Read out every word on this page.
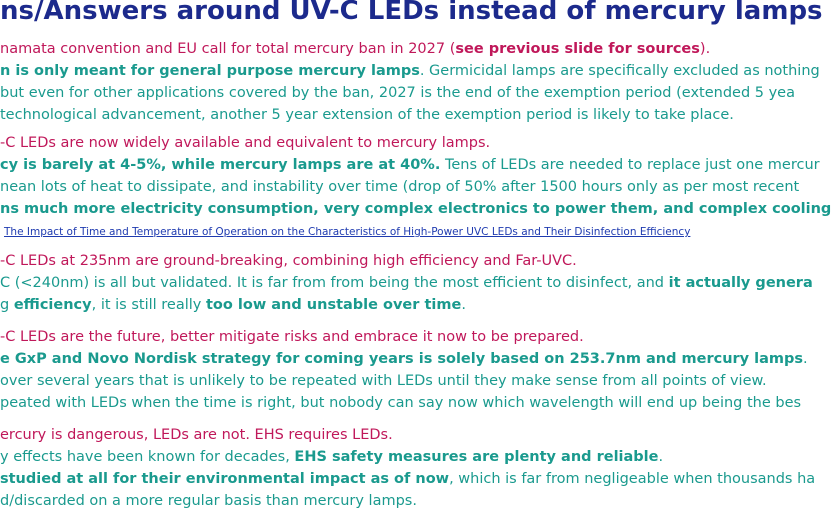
ns/Answers around UV-C LEDs instead of mercury lamps
namata convention and EU call for total mercury ban in 2027 (see previous slide for sources).
n is only meant for general purpose mercury lamps. Germicidal lamps are specifically excluded as nothing
but even for other applications covered by the ban, 2027 is the end of the exemption period (extended 5 yea
technological advancement, another 5 year extension of the exemption period is likely to take place.
-C LEDs are now widely available and equivalent to mercury lamps.
cy is barely at 4-5%, while mercury lamps are at 40%. Tens of LEDs are needed to replace just one mercur
nean lots of heat to dissipate, and instability over time (drop of 50% after 1500 hours only as per most recent
ns much more electricity consumption, very complex electronics to power them, and complex cooling
The Impact of Time and Temperature of Operation on the Characteristics of High-Power UVC LEDs and Their Disinfection Efficiency
-C LEDs at 235nm are ground-breaking, combining high efficiency and Far-UVC.
C (<240nm) is all but validated. It is far from from being the most efficient to disinfect, and it actually genera
g efficiency, it is still really too low and unstable over time.
-C LEDs are the future, better mitigate risks and embrace it now to be prepared.
e GxP and Novo Nordisk strategy for coming years is solely based on 253.7nm and mercury lamps.
over several years that is unlikely to be repeated with LEDs until they make sense from all points of view.
peated with LEDs when the time is right, but nobody can say now which wavelength will end up being the bes
ercury is dangerous, LEDs are not. EHS requires LEDs.
y effects have been known for decades, EHS safety measures are plenty and reliable.
studied at all for their environmental impact as of now, which is far from negligeable when thousands ha
d/discarded on a more regular basis than mercury lamps.
